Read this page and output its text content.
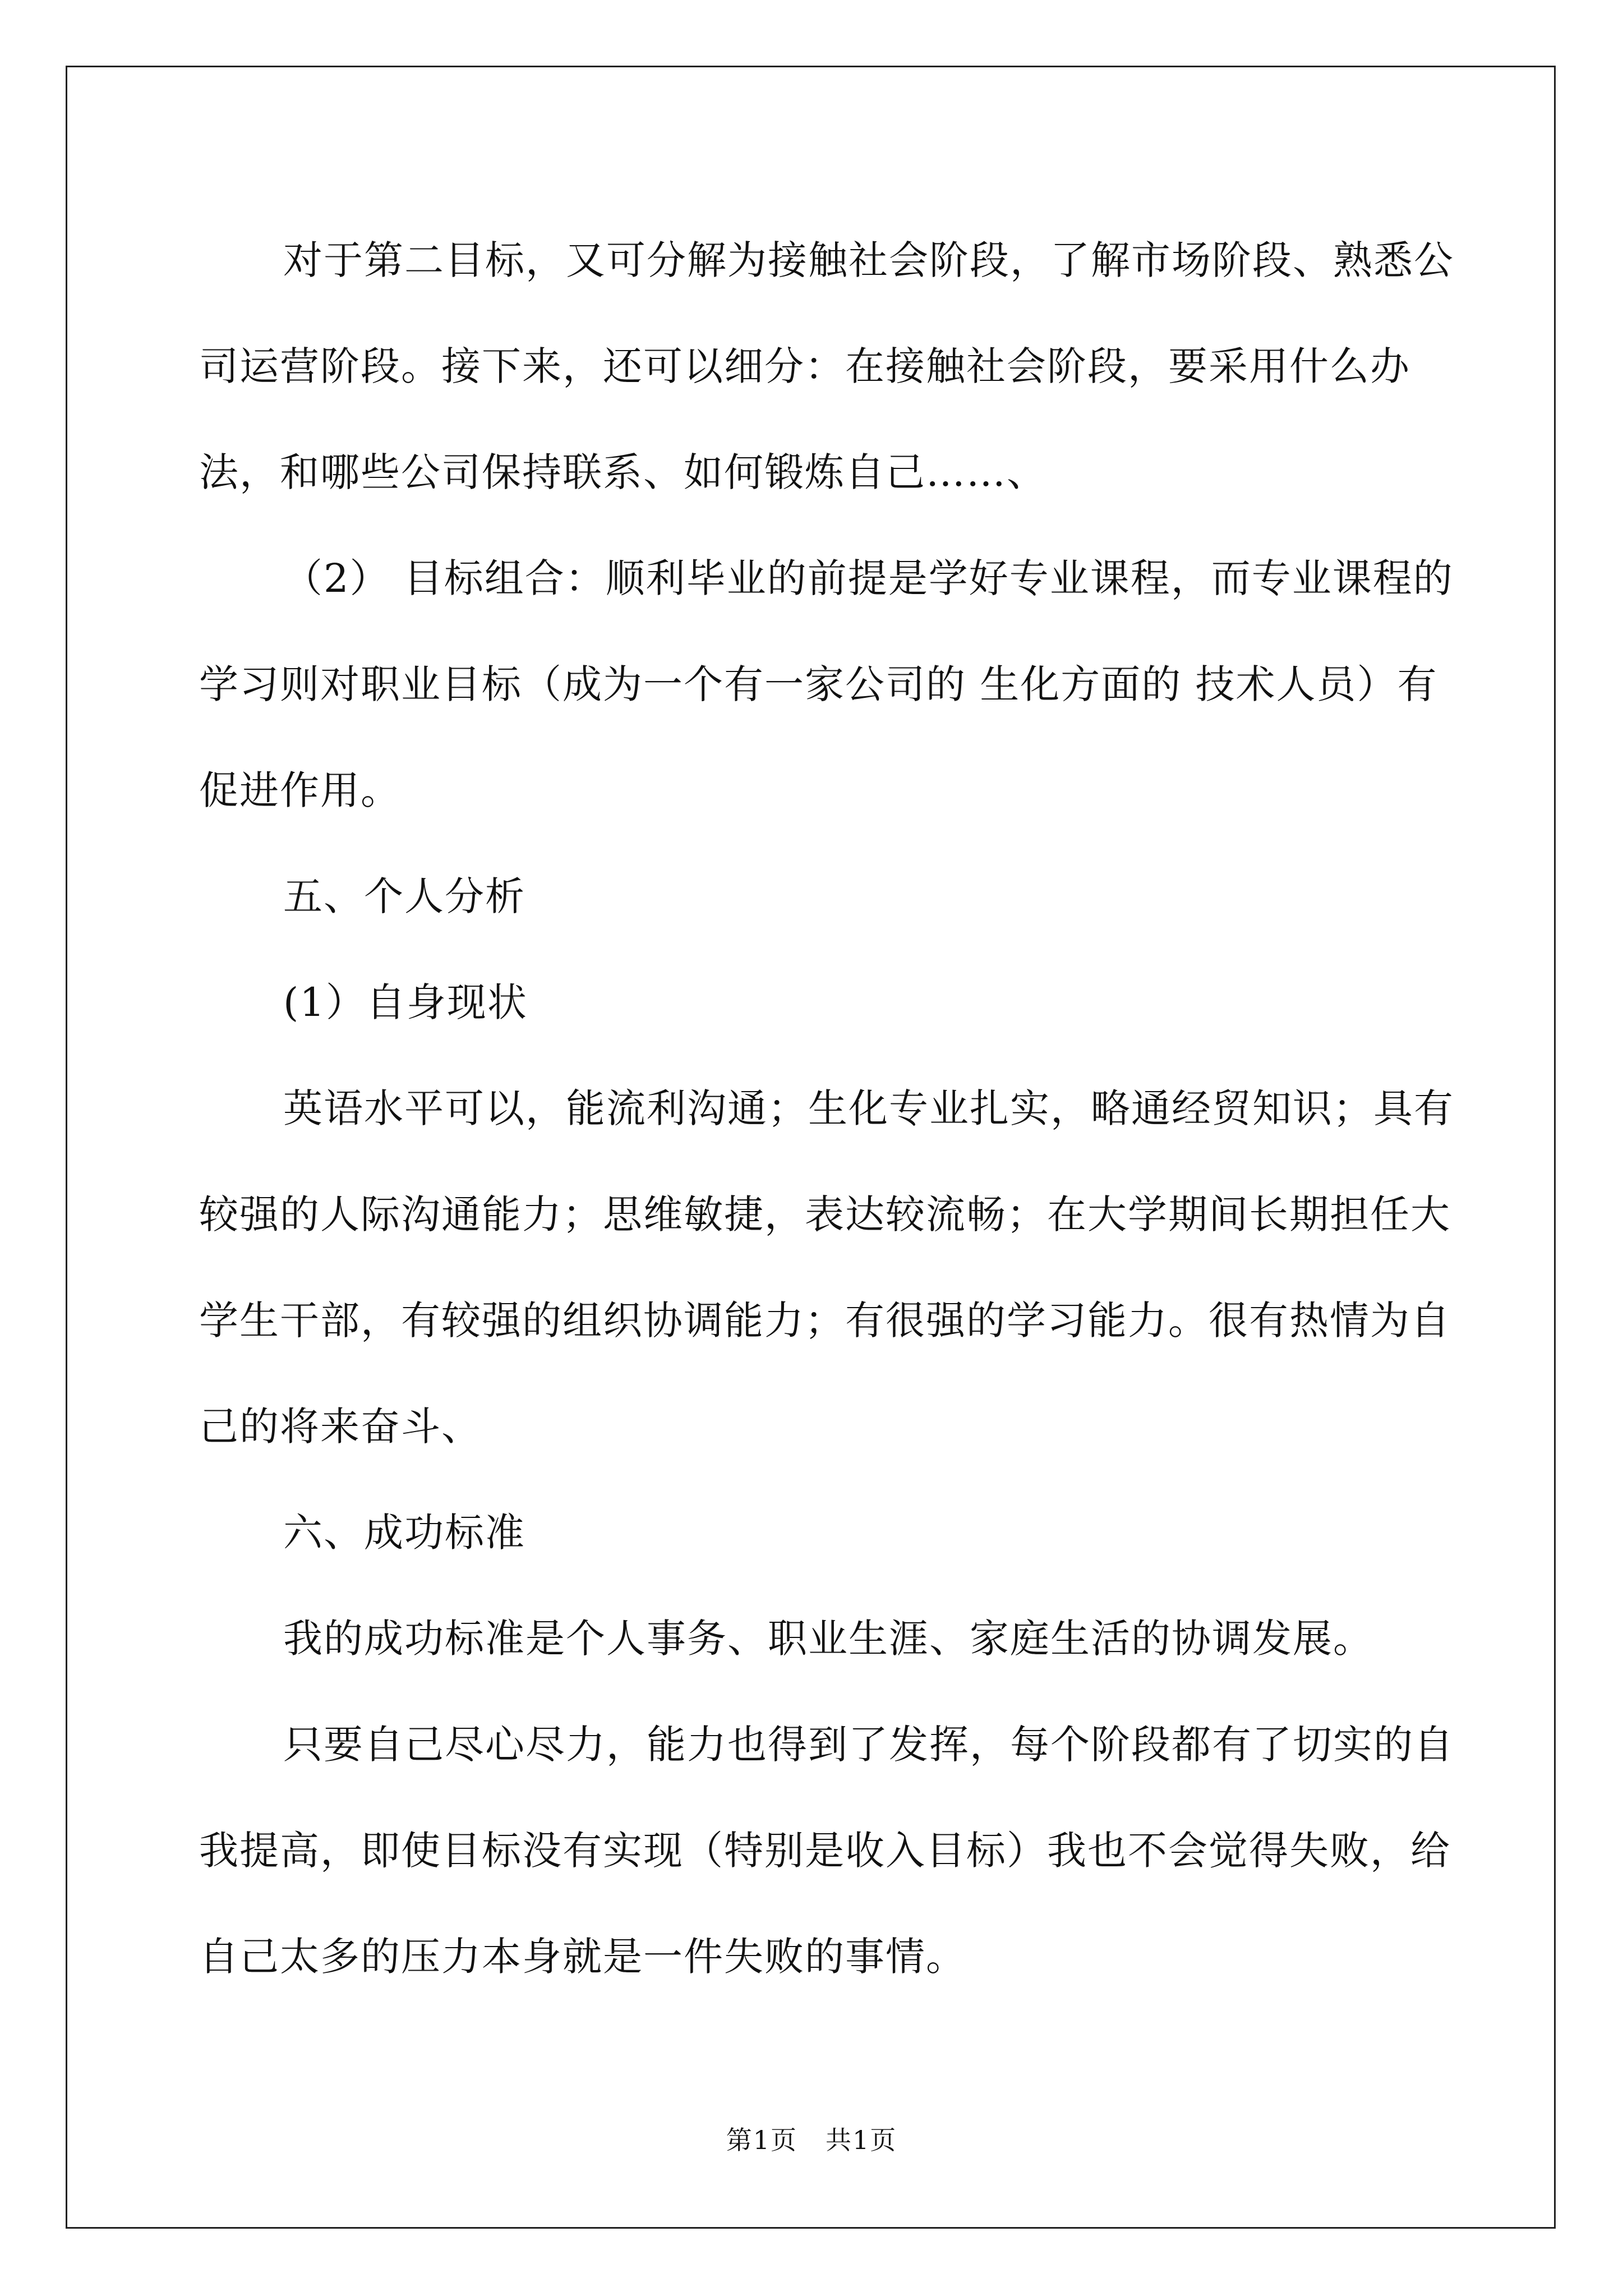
对于第二目标，又可分解为接触社会阶段，了解市场阶段、熟悉公司运营阶段。接下来，还可以细分：在接触社会阶段，要采用什么办法，和哪些公司保持联系、如何锻炼自己……、

（2） 目标组合：顺利毕业的前提是学好专业课程，而专业课程的学习则对职业目标（成为一个有一家公司的 生化方面的 技术人员）有促进作用。

五、个人分析

(1）自身现状

英语水平可以，能流利沟通；生化专业扎实，略通经贸知识；具有较强的人际沟通能力；思维敏捷，表达较流畅；在大学期间长期担任大学生干部，有较强的组织协调能力；有很强的学习能力。很有热情为自己的将来奋斗、

六、成功标准

我的成功标准是个人事务、职业生涯、家庭生活的协调发展。

只要自己尽心尽力，能力也得到了发挥，每个阶段都有了切实的自我提高，即使目标没有实现（特别是收入目标）我也不会觉得失败，给自己太多的压力本身就是一件失败的事情。

第1页 共1页
